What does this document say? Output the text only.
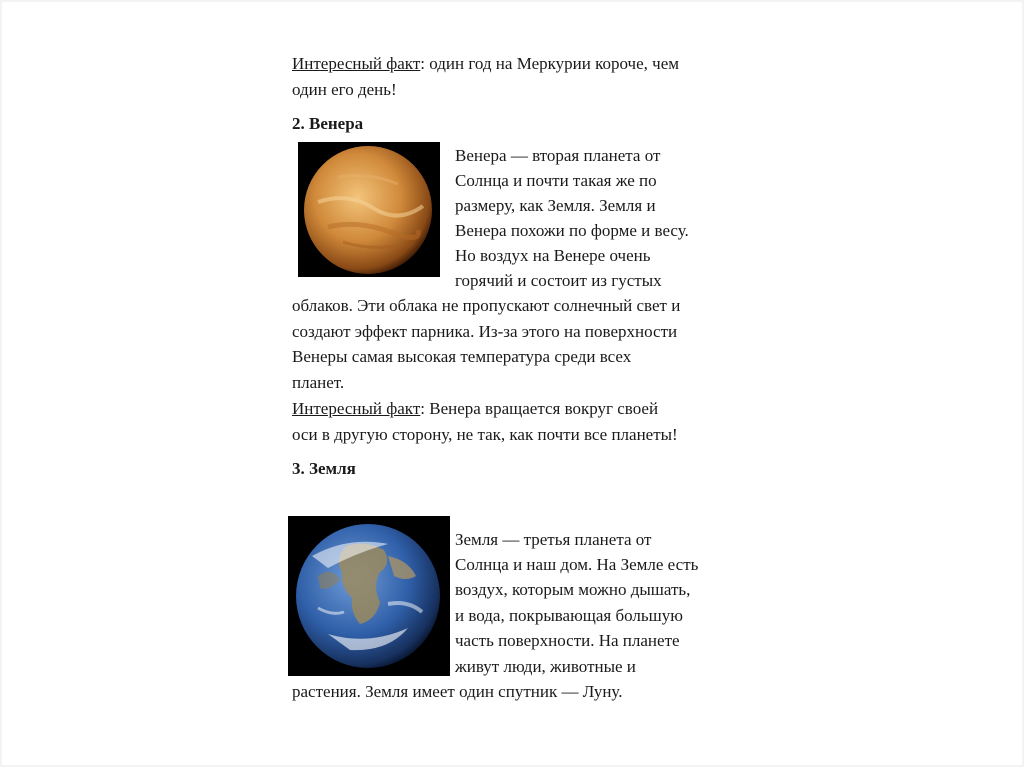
Интересный факт: один год на Меркурии короче, чем
один его день!
2. Венера
Венера — вторая планета от
Солнца и почти такая же по
размеру, как Земля. Земля и
Венера похожи по форме и весу.
Но воздух на Венере очень
горячий и состоит из густых
облаков. Эти облака не пропускают солнечный свет и
создают эффект парника. Из-за этого на поверхности
Венеры самая высокая температура среди всех
планет.
Интересный факт: Венера вращается вокруг своей
оси в другую сторону, не так, как почти все планеты!
3. Земля
Земля — третья планета от
Солнца и наш дом. На Земле есть
воздух, которым можно дышать,
и вода, покрывающая большую
часть поверхности. На планете
живут люди, животные и
растения. Земля имеет один спутник — Луну.
